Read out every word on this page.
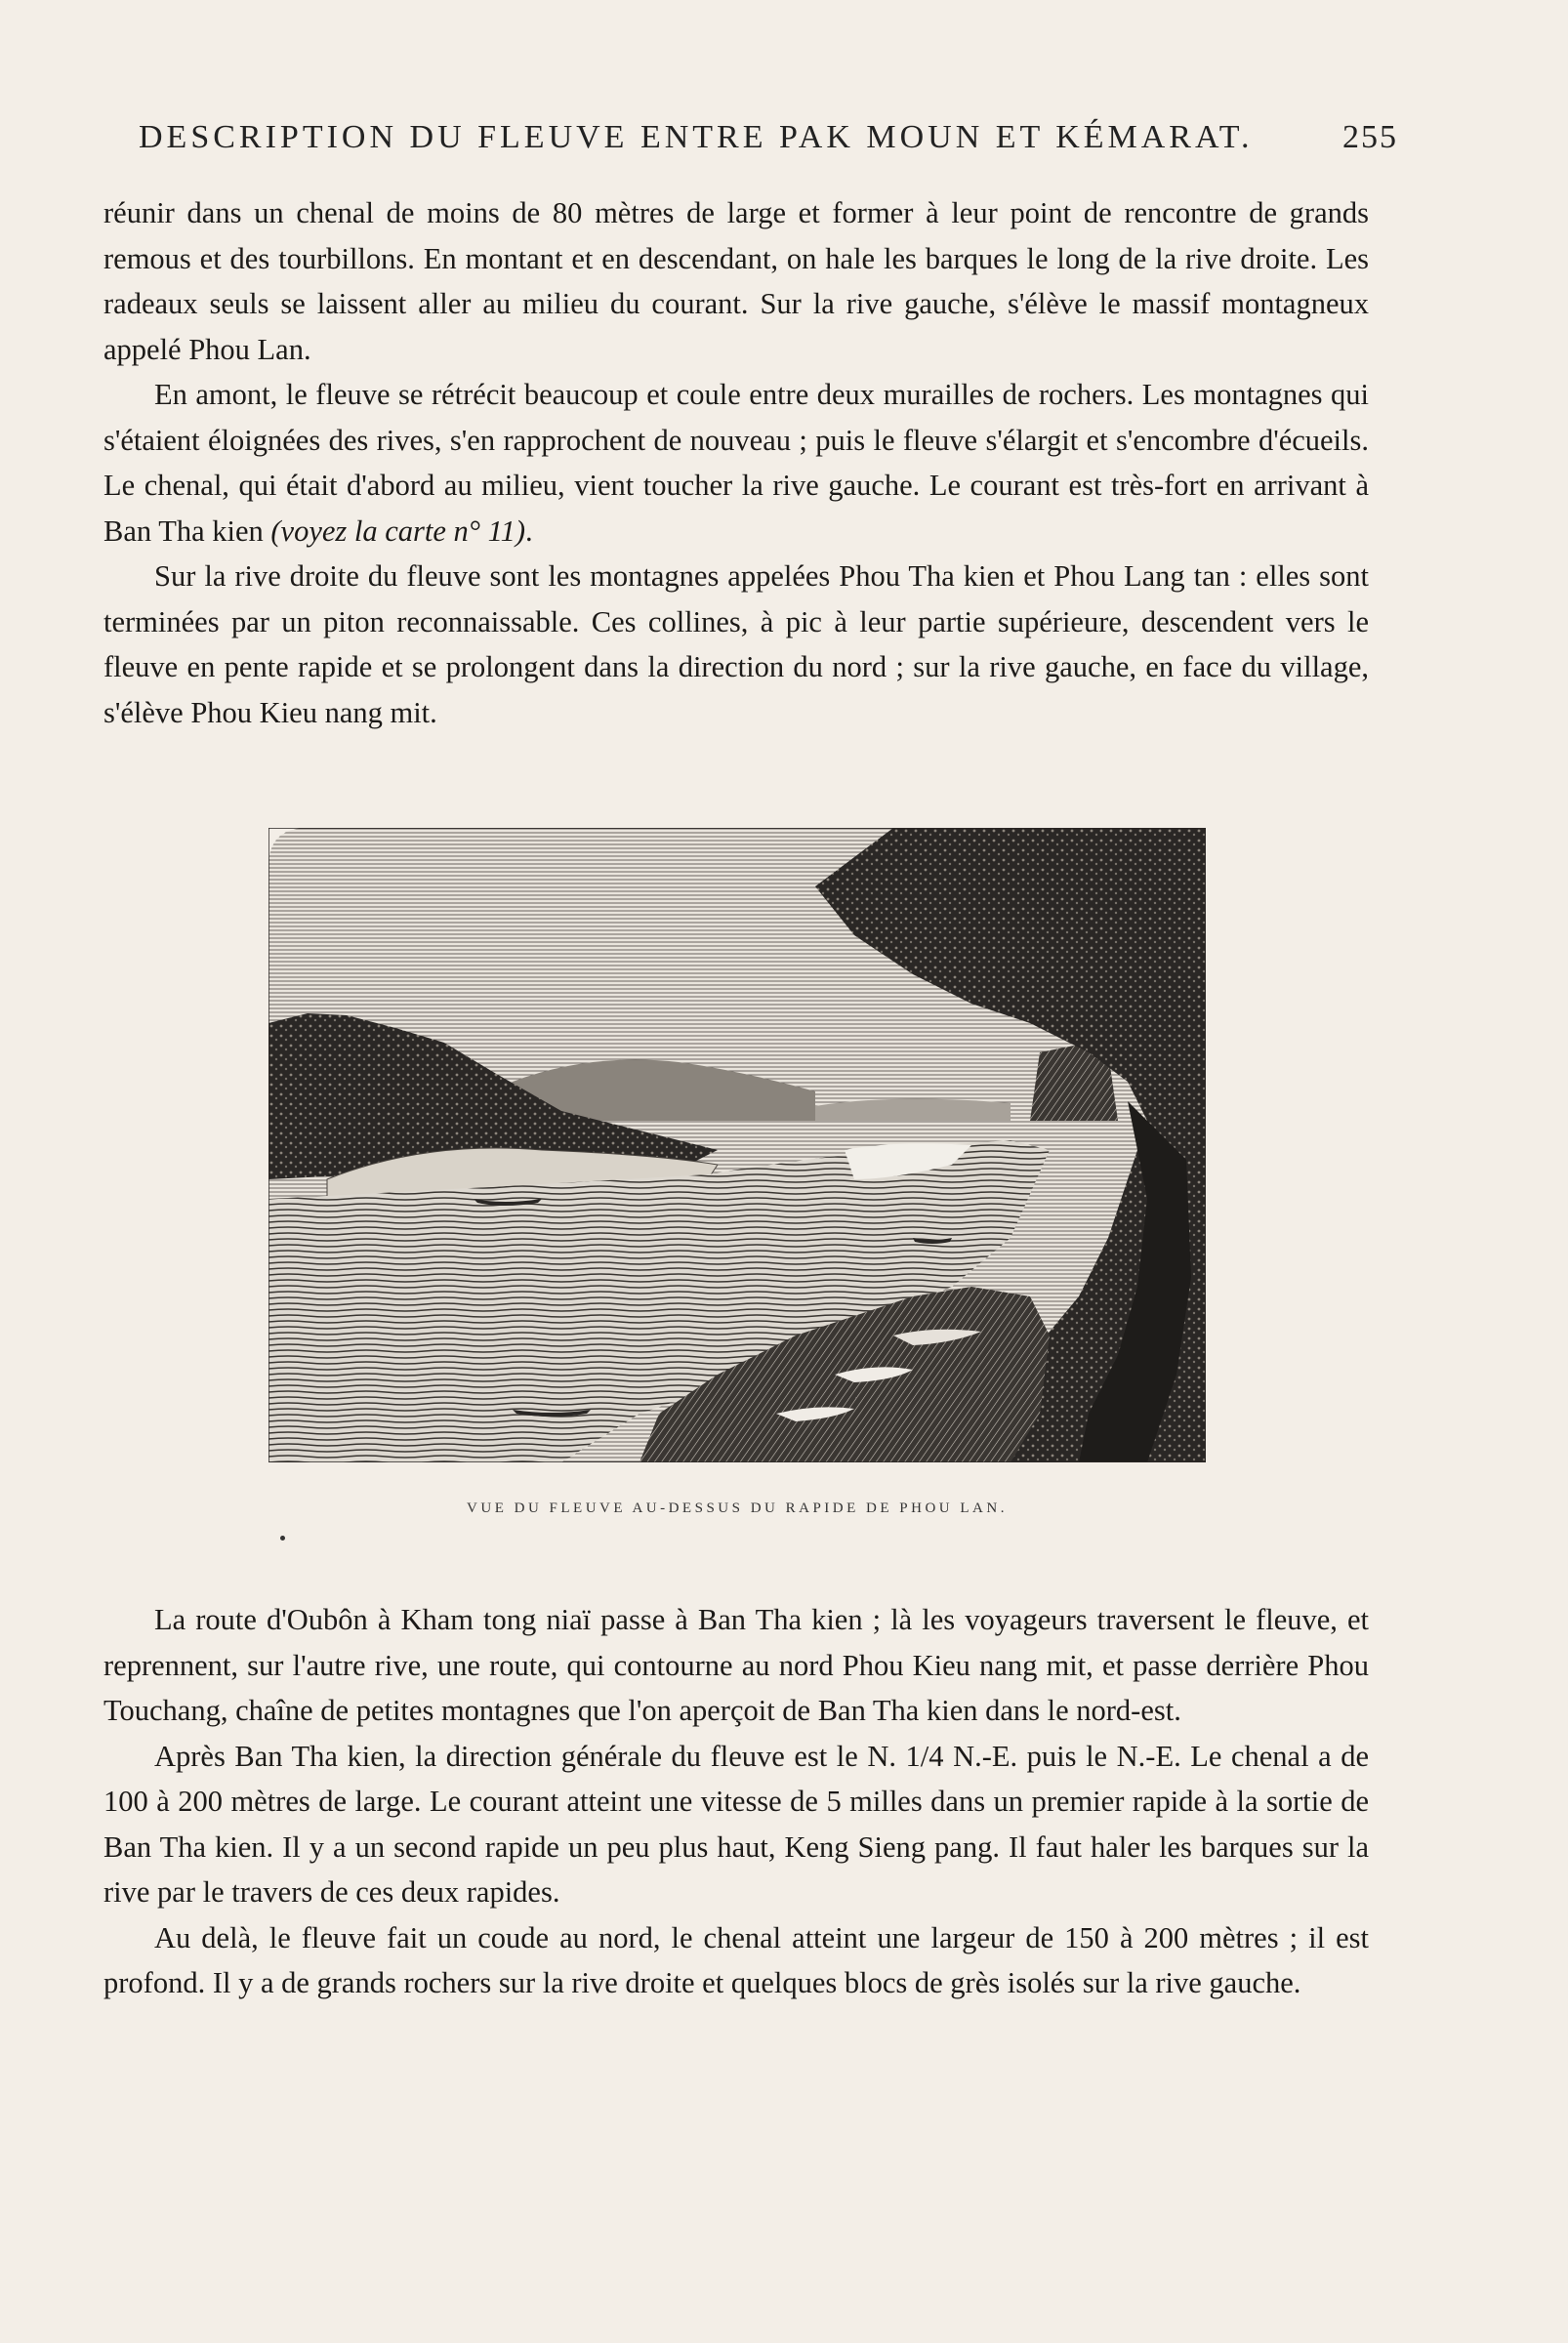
DESCRIPTION DU FLEUVE ENTRE PAK MOUN ET KÉMARAT.	255

réunir dans un chenal de moins de 80 mètres de large et former à leur point de rencontre de grands remous et des tourbillons. En montant et en descendant, on hale les barques le long de la rive droite. Les radeaux seuls se laissent aller au milieu du courant. Sur la rive gauche, s'élève le massif montagneux appelé Phou Lan.

En amont, le fleuve se rétrécit beaucoup et coule entre deux murailles de rochers. Les montagnes qui s'étaient éloignées des rives, s'en rapprochent de nouveau ; puis le fleuve s'élargit et s'encombre d'écueils. Le chenal, qui était d'abord au milieu, vient toucher la rive gauche. Le courant est très-fort en arrivant à Ban Tha kien (voyez la carte n° 11).

Sur la rive droite du fleuve sont les montagnes appelées Phou Tha kien et Phou Lang tan : elles sont terminées par un piton reconnaissable. Ces collines, à pic à leur partie supérieure, descendent vers le fleuve en pente rapide et se prolongent dans la direction du nord ; sur la rive gauche, en face du village, s'élève Phou Kieu nang mit.

VUE DU FLEUVE AU-DESSUS DU RAPIDE DE PHOU LAN.

La route d'Oubôn à Kham tong niaï passe à Ban Tha kien ; là les voyageurs traversent le fleuve, et reprennent, sur l'autre rive, une route, qui contourne au nord Phou Kieu nang mit, et passe derrière Phou Touchang, chaîne de petites montagnes que l'on aperçoit de Ban Tha kien dans le nord-est.

Après Ban Tha kien, la direction générale du fleuve est le N. 1/4 N.-E. puis le N.-E. Le chenal a de 100 à 200 mètres de large. Le courant atteint une vitesse de 5 milles dans un premier rapide à la sortie de Ban Tha kien. Il y a un second rapide un peu plus haut, Keng Sieng pang. Il faut haler les barques sur la rive par le travers de ces deux rapides.

Au delà, le fleuve fait un coude au nord, le chenal atteint une largeur de 150 à 200 mètres ; il est profond. Il y a de grands rochers sur la rive droite et quelques blocs de grès isolés sur la rive gauche.
